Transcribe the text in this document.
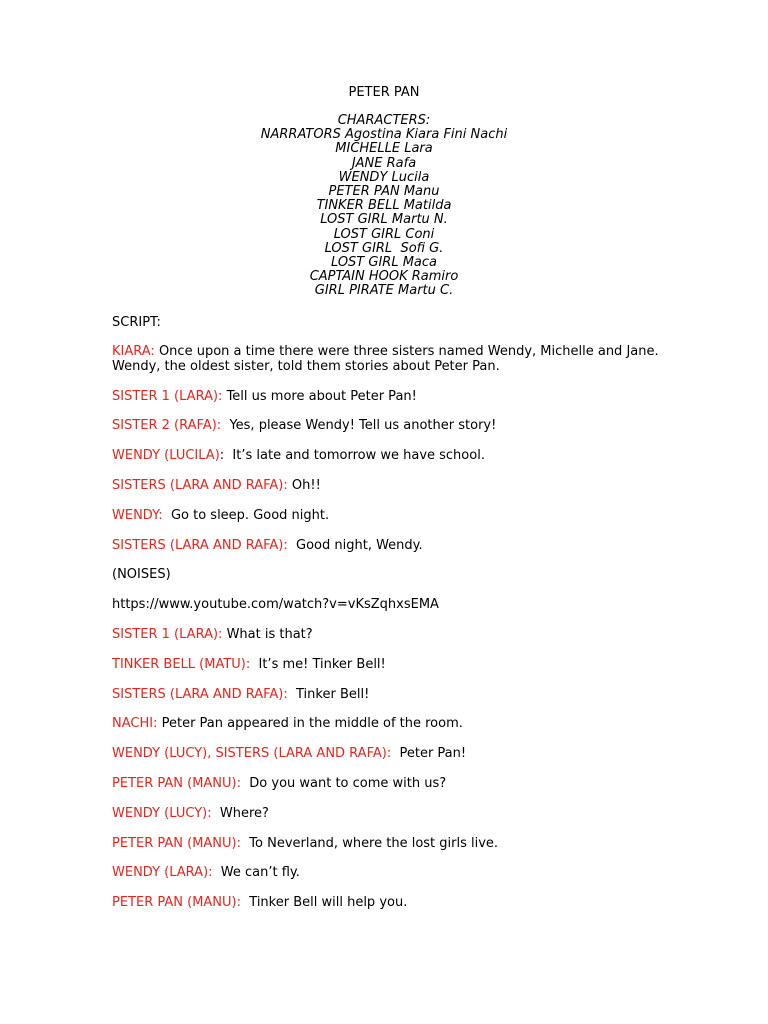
PETER PAN
CHARACTERS:
NARRATORS Agostina Kiara Fini Nachi
MICHELLE Lara
JANE Rafa
WENDY Lucila
PETER PAN Manu
TINKER BELL Matilda
LOST GIRL Martu N.
LOST GIRL Coni
LOST GIRL  Sofi G.
LOST GIRL Maca
CAPTAIN HOOK Ramiro
GIRL PIRATE Martu C.
SCRIPT:
KIARA: Once upon a time there were three sisters named Wendy, Michelle and Jane. Wendy, the oldest sister, told them stories about Peter Pan.
SISTER 1 (LARA): Tell us more about Peter Pan!
SISTER 2 (RAFA): Yes, please Wendy! Tell us another story!
WENDY (LUCILA):  It’s late and tomorrow we have school.
SISTERS (LARA AND RAFA): Oh!!
WENDY: Go to sleep. Good night.
SISTERS (LARA AND RAFA): Good night, Wendy.
(NOISES)
https://www.youtube.com/watch?v=vKsZqhxsEMA
SISTER 1 (LARA): What is that?
TINKER BELL (MATU): It’s me! Tinker Bell!
SISTERS (LARA AND RAFA): Tinker Bell!
NACHI: Peter Pan appeared in the middle of the room.
WENDY (LUCY), SISTERS (LARA AND RAFA): Peter Pan!
PETER PAN (MANU): Do you want to come with us?
WENDY (LUCY): Where?
PETER PAN (MANU): To Neverland, where the lost girls live.
WENDY (LARA): We can’t fly.
PETER PAN (MANU): Tinker Bell will help you.
